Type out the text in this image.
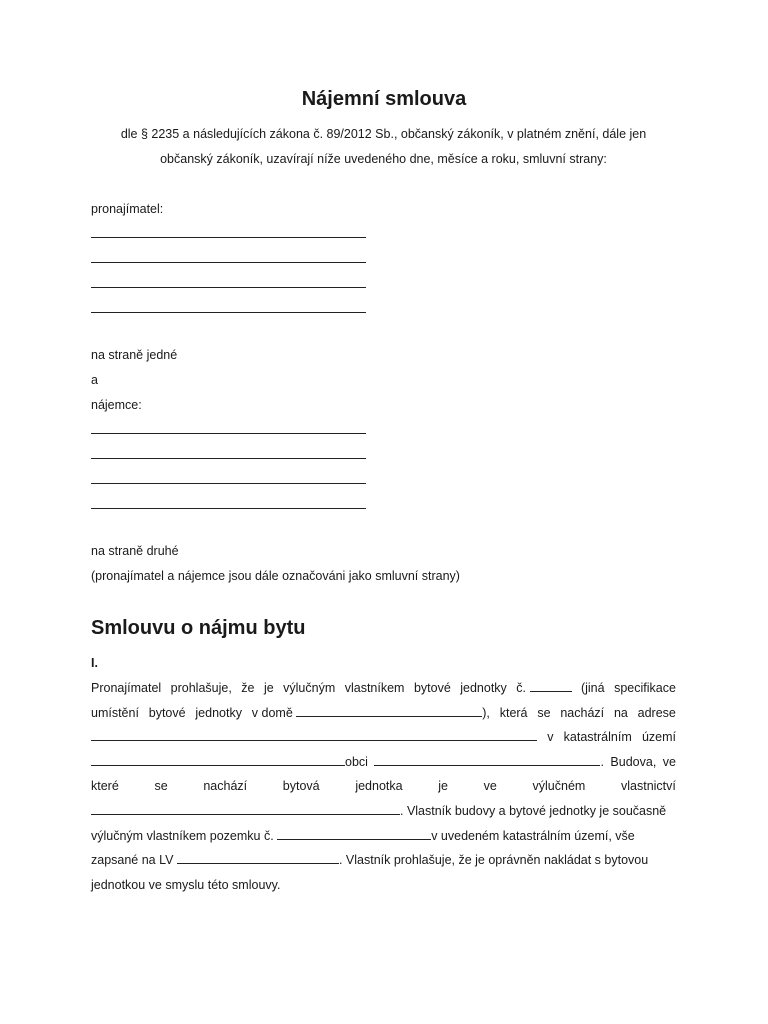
Nájemní smlouva

dle § 2235 a následujících zákona č. 89/2012 Sb., občanský zákoník, v platném znění, dále jen
občanský zákoník, uzavírají níže uvedeného dne, měsíce a roku, smluvní strany:

pronajímatel:
na straně jedné
a
nájemce:
na straně druhé
(pronajímatel a nájemce jsou dále označováni jako smluvní strany)
Smlouvu o nájmu bytu
I.
Pronajímatel prohlašuje, že je výlučným vlastníkem bytové jednotky č.	(jiná specifikace
umístění bytové jednotky v domě	), která se nachází na adrese
v katastrálním území
obci	. Budova, ve
které	se	nachází	bytová	jednotka	je	ve	výlučném	vlastnictví
. Vlastník budovy a bytové jednotky je současně
výlučným vlastníkem pozemku č.	v uvedeném katastrálním území, vše
zapsané na LV	. Vlastník prohlašuje, že je oprávněn nakládat s bytovou
jednotkou ve smyslu této smlouvy.
